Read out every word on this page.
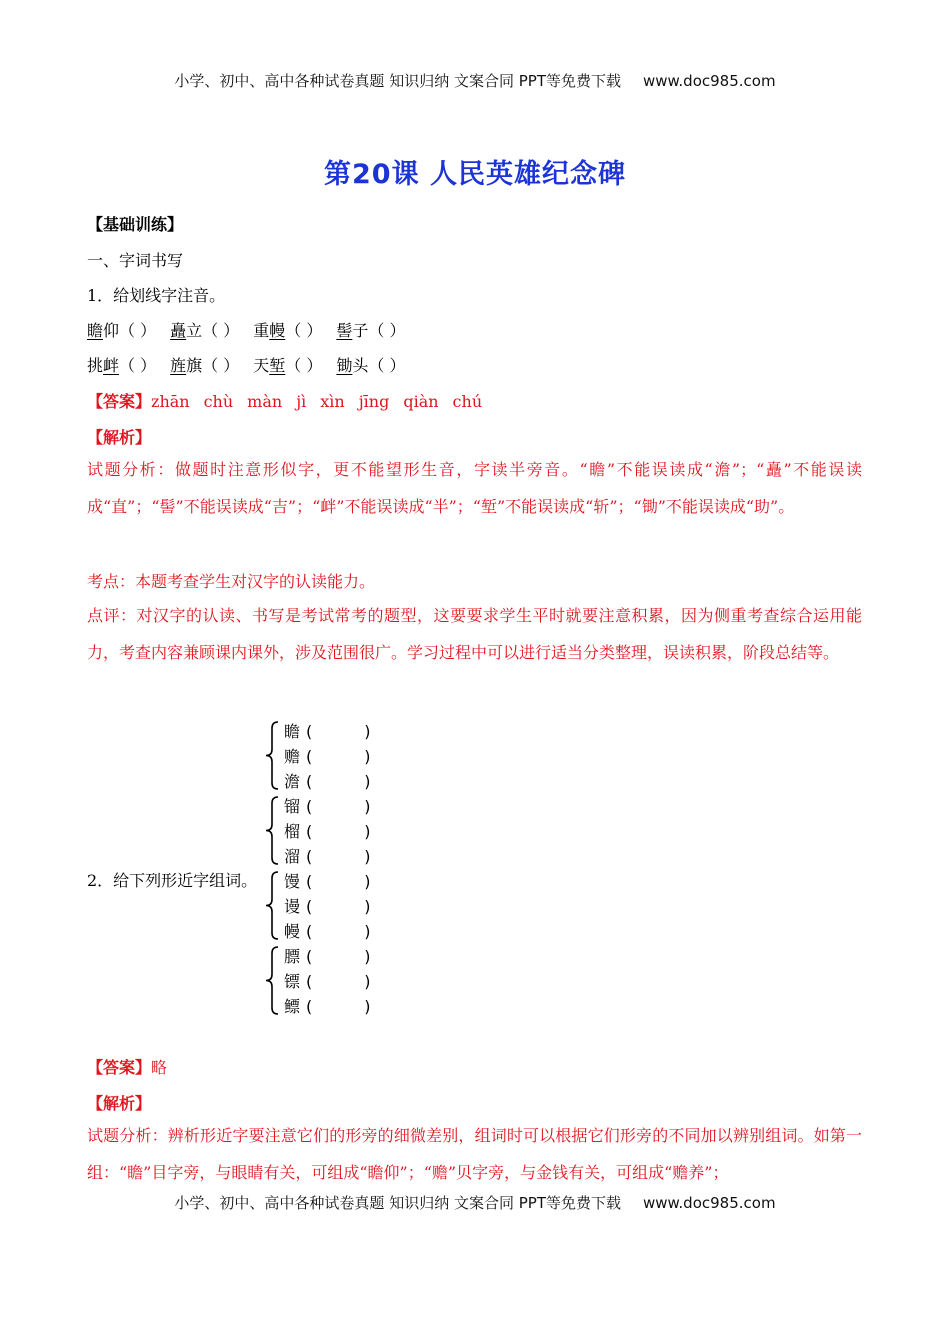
小学、初中、高中各种试卷真题 知识归纳 文案合同 PPT等免费下载 www.doc985.com
第20课 人民英雄纪念碑
【基础训练】
一、字词书写
1．给划线字注音。
瞻仰（ ） 矗立（ ） 重幔（ ） 髻子（ ）
挑衅（ ） 旌旗（ ） 天堑（ ） 锄头（ ）
【答案】zhān chù màn jì xìn jīng qiàn chú
【解析】
试题分析：做题时注意形似字，更不能望形生音，字读半旁音。“瞻”不能误读成“澹”；“矗”不能误读成“直”；“髻”不能误读成“吉”；“衅”不能误读成“半”；“堑”不能误读成“斩”；“锄”不能误读成“助”。
考点：本题考查学生对汉字的认读能力。
点评：对汉字的认读、书写是考试常考的题型，这要要求学生平时就要注意积累，因为侧重考查综合运用能力，考查内容兼顾课内课外，涉及范围很广。学习过程中可以进行适当分类整理，误读积累，阶段总结等。
2．给下列形近字组词。
瞻 (	)
赡 (	)
澹 (	)
镏 (	)
榴 (	)
溜 (	)
馒 (	)
谩 (	)
幔 (	)
膘 (	)
镖 (	)
鳔 (	)
【答案】略
【解析】
试题分析：辨析形近字要注意它们的形旁的细微差别，组词时可以根据它们形旁的不同加以辨别组词。如第一组：“瞻”目字旁，与眼睛有关，可组成“瞻仰”；“赡”贝字旁，与金钱有关，可组成“赡养”；
小学、初中、高中各种试卷真题 知识归纳 文案合同 PPT等免费下载 www.doc985.com
